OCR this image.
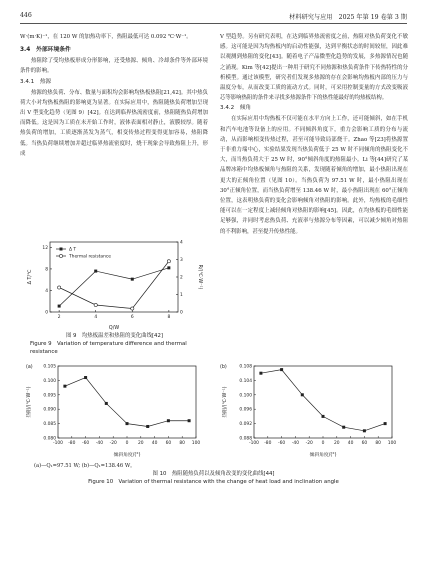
446	材料研究与应用　2025 年第 19 卷第 3 期

W·(m·K)⁻¹，在 120 W 的加热功率下，热阻最低可达 0.092 ℃·W⁻¹。

3.4　外部环境条件

热阻除了受均热板形成分形影响，还受热源、倾角、冷却条件等外部环境条件的影响。

3.4.1　热源

热源的热负荷、分布、数量与面积均会影响均热板热阻[21,42]。其中热负荷大小对均热板热阻的影响更为显著。在实际应用中，热阻随热负荷增加呈现出 V 型变化趋势（见图 9）[42]。在达到临界热流密度前，热阻随热负荷增加而降低。这是因为工质在未开始工作时，液体表面相对静止，液膜较厚。随着热负荷的增加，工质逐渐蒸发为蒸气，相变传热过程变得更加容易，热阻降低。当热负荷继续增加并超过临界热流密度时，烧干现象会导致热阻上升，形成

V 型趋势。另有研究表明，在达到临界热流密度之前，热阻对热负荷变化不敏感。这可能是因为均热板内的启动性能强，达到平衡状态的时间较短，因此难以观测到热阻的变化[43]。随着电子产品微型化趋势的发展，多热源情况也随之涌现。Kim 等[42]提出一种用于研究不同热源和热负荷条件下传热特性的分析模型。通过该模型，研究者们发现多热源的存在会影响均热板内部的压力与温度分布，从而改变工质的流动方式。同时，可采用控制变量的方式改变吸液芯等影响热阻的条件来寻找多热源条件下的热性能最好的均热板结构。

3.4.2　倾角

在实际应用中均热板不仅可能在水平方向上工作，还可能倾斜，如在手机和汽车电池等设备上的应用。不同倾斜角度下，重力会影响工质的分布与流动，从而影响相变传热过程，甚至可能导致局部烧干。Zhao 等[23]将热源置于非重力端中心，实验结果发现当热负荷低于 25 W 时不同倾角的热阻变化不大，而当热负荷大于 25 W 时，90°倾斜角度的热阻最小。Li 等[44]研究了某品牌冰箱中均热板倾角与热阻的关系，发现随着倾角的增加，最小热阻出现在更大的正倾角位置（见图 10）。当热负荷为 97.51 W 时，最小热阻出现在 30°正倾角位置，而当热负荷增至 138.46 W 时，最小热阻出现在 60°正倾角位置，这表明热负荷的变化会影响倾角对热阻的影响。此外，均热板的毛细性能可以在一定程度上减轻倾角对热阻的影响[45]。因此，在均热板的毛细性能足够强，并同时考虑热负荷、充液率与热源分布等因素，可以减少倾角对热阻的不利影响，甚至提升传热性能。

2	4	6	8
0
4
8
12
0
1
2
3
4
Δ T
Thermal resistance
Q/W
Δ T/℃	R/(℃·W⁻¹)
图 9　均热板温差和热阻的变化曲线[42]
Figure 9　Variation of temperature difference and thermal resistance
(a)	(b)
-100 -80 -60 -40 -20 0 20 40 60 80 100
0.080
0.085
0.090
0.095
0.100
0.105
-100 -80 -60 -40 -20 0 20 40 60 80 100
0.088
0.092
0.096
0.100
0.104
0.108
倾斜角度/(°)	倾斜角度/(°)
热阻/(℃·W⁻¹)	热阻/(℃·W⁻¹)
(a)—Q₁=97.51 W; (b)—Q₁=138.46 W。
图 10　热阻随热负荷以及倾角改变的变化曲线[44]
Figure 10　Variation of thermal resistance with the change of heat load and inclination angle
